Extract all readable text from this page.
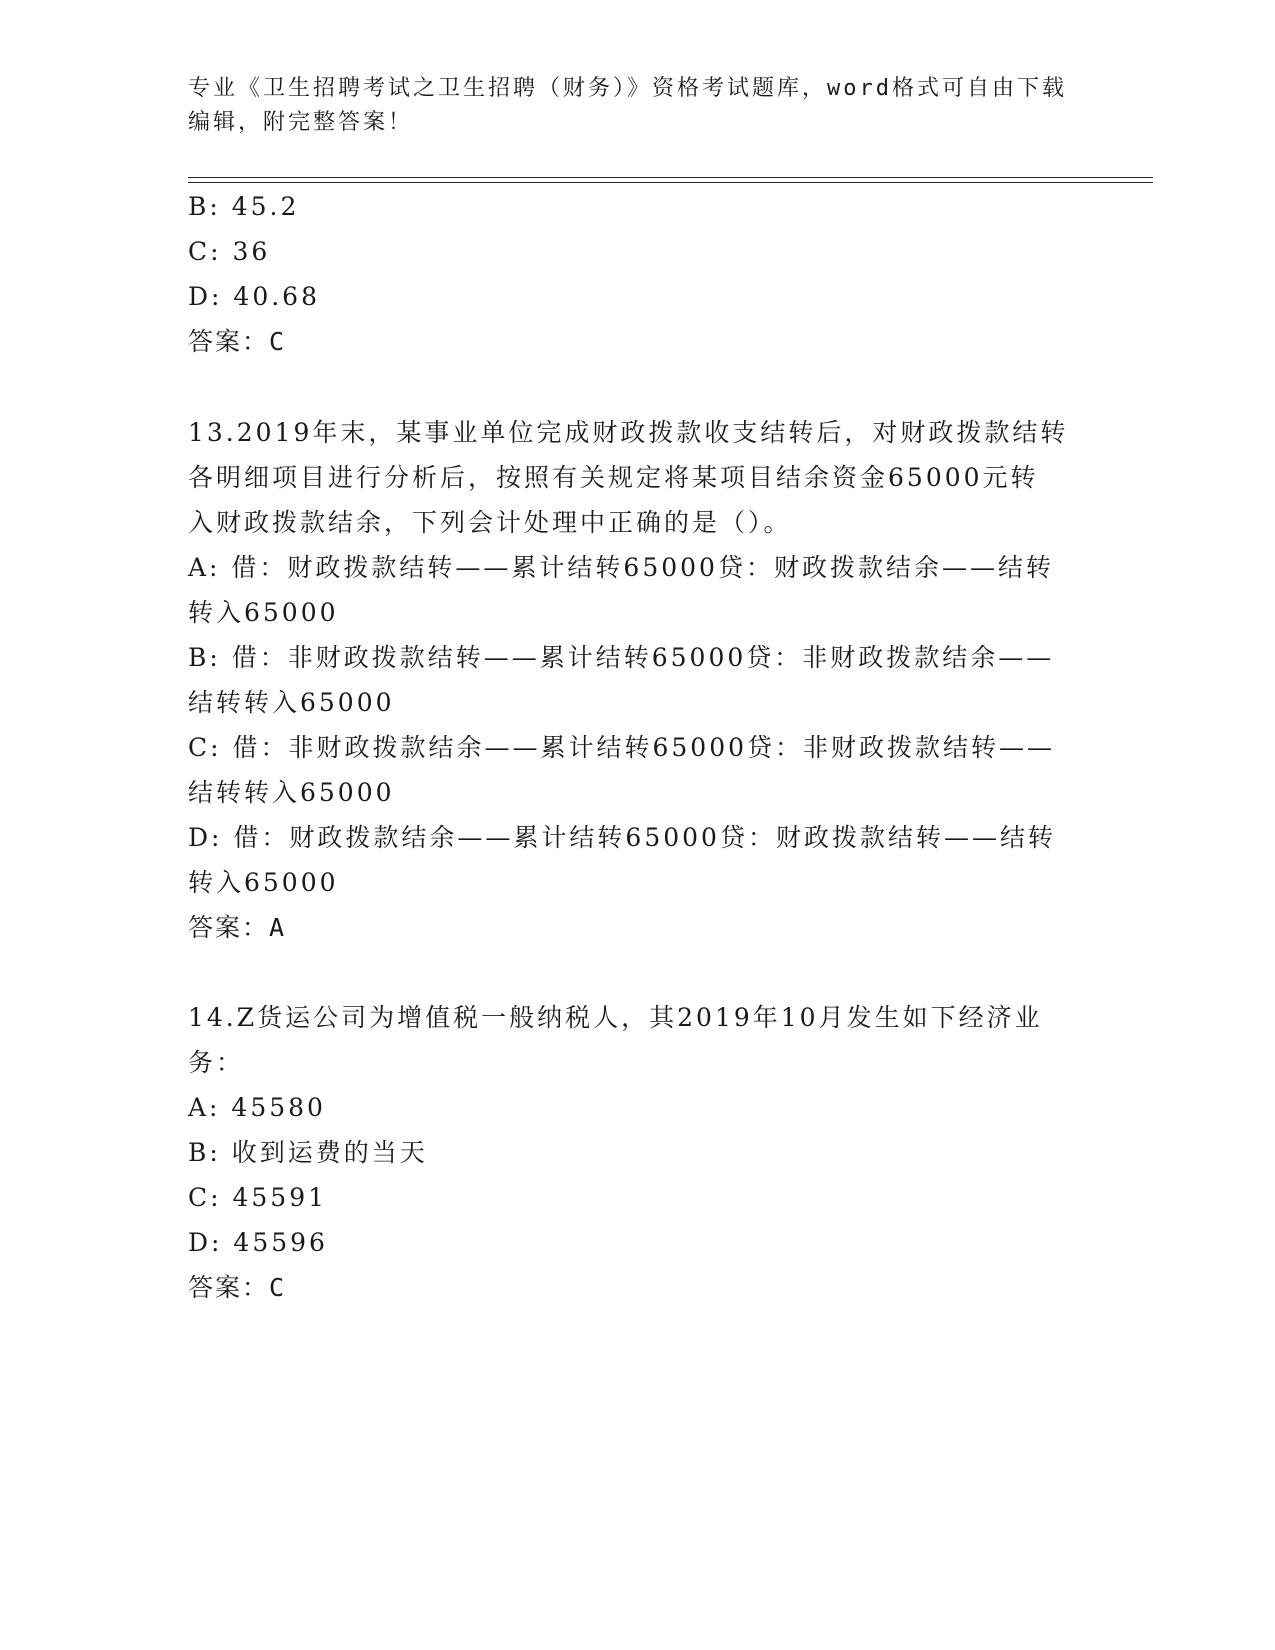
专业《卫生招聘考试之卫生招聘（财务）》资格考试题库，word格式可自由下载
编辑，附完整答案！
B: 45.2
C: 36
D: 40.68
答案：C
13.2019年末，某事业单位完成财政拨款收支结转后，对财政拨款结转
各明细项目进行分析后，按照有关规定将某项目结余资金65000元转
入财政拨款结余，下列会计处理中正确的是（）。
A: 借：财政拨款结转——累计结转65000贷：财政拨款结余——结转
转入65000
B: 借：非财政拨款结转——累计结转65000贷：非财政拨款结余——
结转转入65000
C: 借：非财政拨款结余——累计结转65000贷：非财政拨款结转——
结转转入65000
D: 借：财政拨款结余——累计结转65000贷：财政拨款结转——结转
转入65000
答案：A
14.Z货运公司为增值税一般纳税人，其2019年10月发生如下经济业
务：
A: 45580
B: 收到运费的当天
C: 45591
D: 45596
答案：C
